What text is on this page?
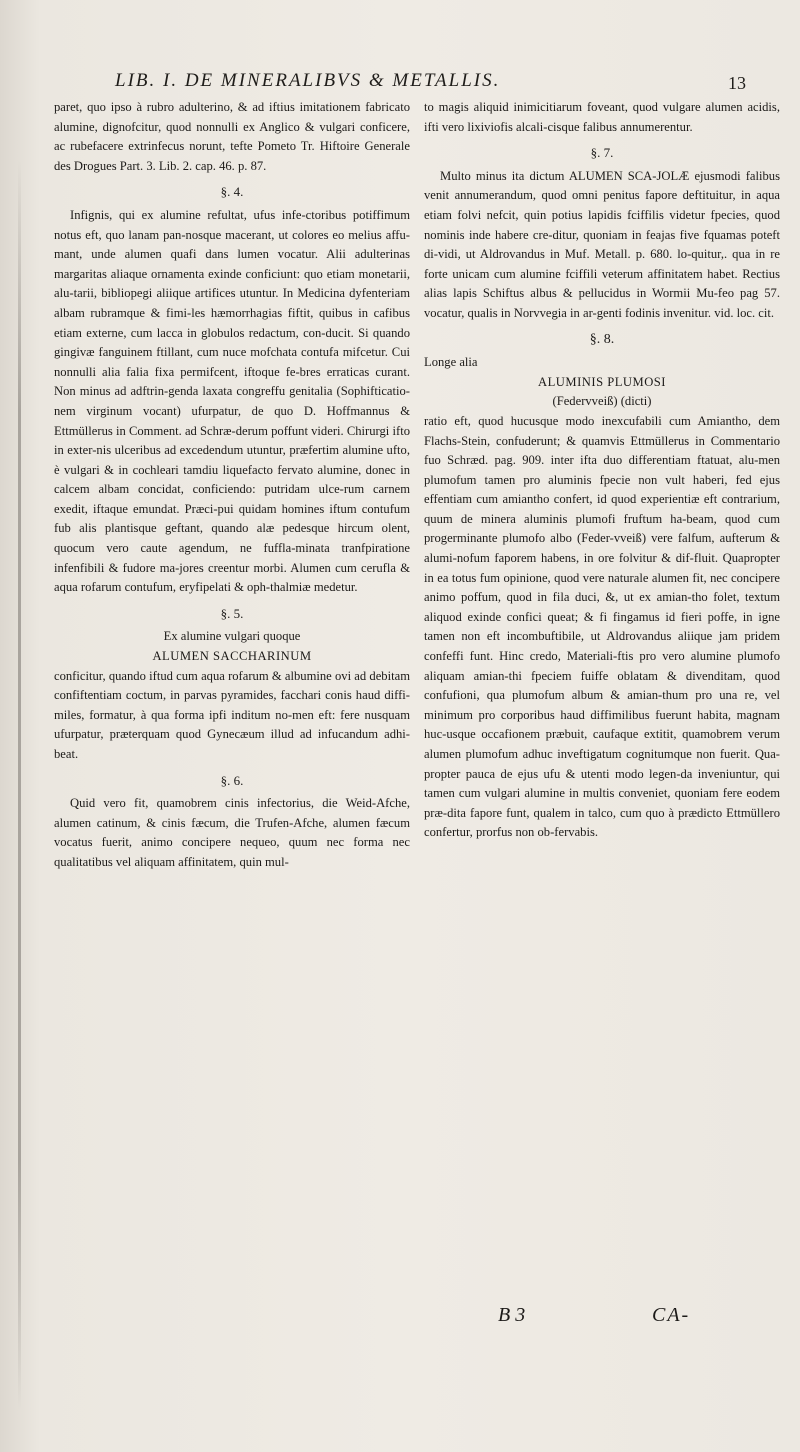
LIB. I. DE MINERALIBVS & METALLIS.	13

paret, quo ipso à rubro adulterino, & ad iftius imitationem fabricato alumine, dignofcitur, quod nonnulli ex Anglico & vulgari conficere, ac rubefacere extrinfecus norunt, tefte Pometo Tr. Hiftoire Generale des Drogues Part. 3. Lib. 2. cap. 46. p. 87.

§. 4.

Infignis, qui ex alumine refultat, ufus infe-ctoribus potiffimum notus eft, quo lanam pan-nosque macerant, ut colores eo melius affu-mant, unde alumen quafi dans lumen vocatur. Alii adulterinas margaritas aliaque ornamenta exinde conficiunt: quo etiam monetarii, alu-tarii, bibliopegi aliique artifices utuntur. In Medicina dyfenteriam albam rubramque & fimi-les hæmorrhagias fiftit, quibus in cafibus etiam externe, cum lacca in globulos redactum, con-ducit. Si quando gingivæ fanguinem ftillant, cum nuce mofchata contufa mifcetur. Cui nonnulli alia falia fixa permifcent, iftoque fe-bres erraticas curant. Non minus ad adftrin-genda laxata congreffu genitalia (Sophifticatio-nem virginum vocant) ufurpatur, de quo D. Hoffmannus & Ettmüllerus in Comment. ad Schræ-derum poffunt videri. Chirurgi ifto in exter-nis ulceribus ad excedendum utuntur, præfertim alumine ufto, è vulgari & in cochleari tamdiu liquefacto fervato alumine, donec in calcem albam concidat, conficiendo: putridam ulce-rum carnem exedit, iftaque emundat. Præci-pui quidam homines iftum contufum fub alis plantisque geftant, quando alæ pedesque hircum olent, quocum vero caute agendum, ne fuffla-minata tranfpiratione infenfibili & fudore ma-jores creentur morbi. Alumen cum cerufla & aqua rofarum contufum, eryfipelati & oph-thalmiæ medetur.

§. 5.
Ex alumine vulgari quoque
ALUMEN SACCHARINUM

conficitur, quando iftud cum aqua rofarum & albumine ovi ad debitam confiftentiam coctum, in parvas pyramides, facchari conis haud diffi-miles, formatur, à qua forma ipfi inditum no-men eft: fere nusquam ufurpatur, præterquam quod Gynecæum illud ad infucandum adhi-beat.

§. 6.

Quid vero fit, quamobrem cinis infectorius, die Weid-Afche, alumen catinum, & cinis fæcum, die Trufen-Afche, alumen fæcum vocatus fuerit, animo concipere nequeo, quum nec forma nec qualitatibus vel aliquam affinitatem, quin mul-

to magis aliquid inimicitiarum foveant, quod vulgare alumen acidis, ifti vero lixiviofis alcali-cisque falibus annumerentur.

§. 7.

Multo minus ita dictum ALUMEN SCA-JOLÆ ejusmodi falibus venit annumerandum, quod omni penitus fapore deftituitur, in aqua etiam folvi nefcit, quin potius lapidis fciffilis videtur fpecies, quod nominis inde habere cre-ditur, quoniam in feajas five fquamas poteft di-vidi, ut Aldrovandus in Muf. Metall. p. 680. lo-quitur,. qua in re forte unicam cum alumine fciffili veterum affinitatem habet. Rectius alias lapis Schiftus albus & pellucidus in Wormii Mu-feo pag 57. vocatur, qualis in Norvvegia in ar-genti fodinis invenitur. vid. loc. cit.

§. 8.

Longe alia

ALUMINIS PLUMOSI
(Federvveiß) (dicti)

ratio eft, quod hucusque modo inexcufabili cum Amiantho, dem Flachs-Stein, confuderunt; & quamvis Ettmüllerus in Commentario fuo Schræd. pag. 909. inter ifta duo differentiam ftatuat, alu-men plumofum tamen pro aluminis fpecie non vult haberi, fed ejus effentiam cum amiantho confert, id quod experientiæ eft contrarium, quum de minera aluminis plumofi fruftum ha-beam, quod cum progerminante plumofo albo (Feder-vveiß) vere falfum, aufterum & alumi-nofum faporem habens, in ore folvitur & dif-fluit. Quapropter in ea totus fum opinione, quod vere naturale alumen fit, nec concipere animo poffum, quod in fila duci, &, ut ex amian-tho folet, textum aliquod exinde confici queat; & fi fingamus id fieri poffe, in igne tamen non eft incombuftibile, ut Aldrovandus aliique jam pridem confeffi funt. Hinc credo, Materiali-ftis pro vero alumine plumofo aliquam amian-thi fpeciem fuiffe oblatam & divenditam, quod confufioni, qua plumofum album & amian-thum pro una re, vel minimum pro corporibus haud diffimilibus fuerunt habita, magnam huc-usque occafionem præbuit, caufaque extitit, quamobrem verum alumen plumofum adhuc inveftigatum cognitumque non fuerit. Qua-propter pauca de ejus ufu & utenti modo legen-da inveniuntur, qui tamen cum vulgari alumine in multis conveniet, quoniam fere eodem præ-dita fapore funt, qualem in talco, cum quo à prædicto Ettmüllero confertur, prorfus non ob-fervabis.

B 3	CA-
